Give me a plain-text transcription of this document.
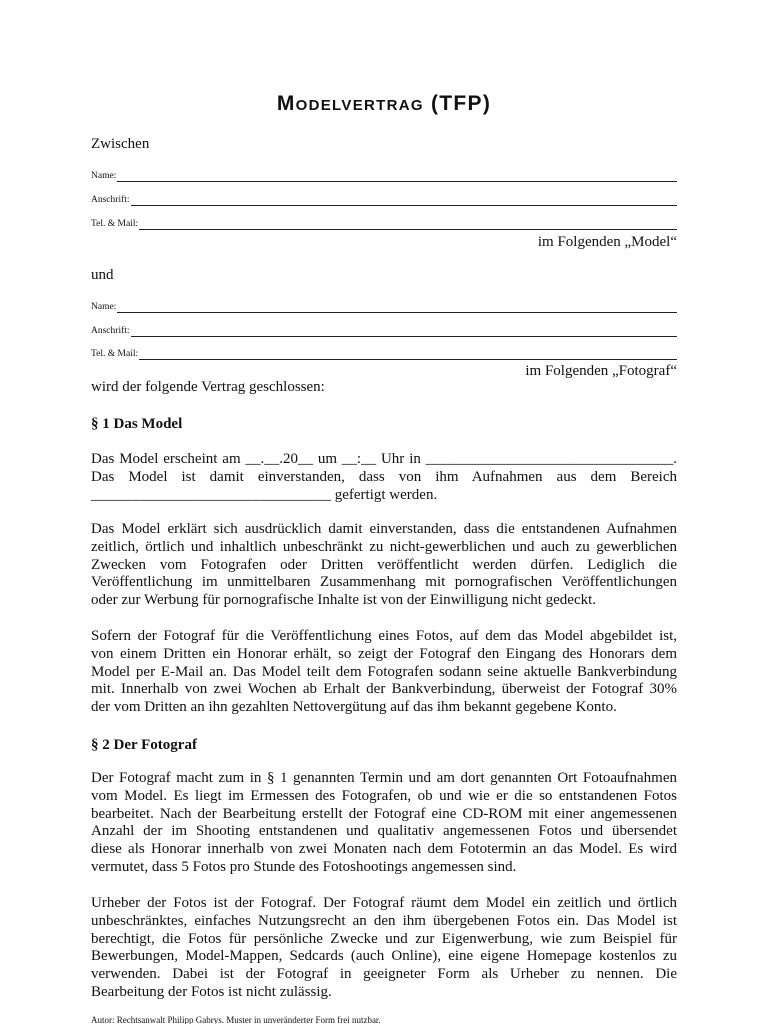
Modelvertrag (TFP)

Zwischen

Name:
Anschrift:
Tel. & Mail:

im Folgenden „Model“

und

Name:
Anschrift:
Tel. & Mail:

im Folgenden „Fotograf“

wird der folgende Vertrag geschlossen:

§ 1 Das Model

Das Model erscheint am __.__.20__ um __:__ Uhr in _________________________________.
Das Model ist damit einverstanden, dass von ihm Aufnahmen aus dem Bereich
________________________________ gefertigt werden.
Das Model erklärt sich ausdrücklich damit einverstanden, dass die entstandenen Aufnahmen
zeitlich, örtlich und inhaltlich unbeschränkt zu nicht-gewerblichen und auch zu gewerblichen
Zwecken vom Fotografen oder Dritten veröffentlicht werden dürfen. Lediglich die
Veröffentlichung im unmittelbaren Zusammenhang mit pornografischen Veröffentlichungen
oder zur Werbung für pornografische Inhalte ist von der Einwilligung nicht gedeckt.
Sofern der Fotograf für die Veröffentlichung eines Fotos, auf dem das Model abgebildet ist,
von einem Dritten ein Honorar erhält, so zeigt der Fotograf den Eingang des Honorars dem
Model per E-Mail an. Das Model teilt dem Fotografen sodann seine aktuelle Bankverbindung
mit. Innerhalb von zwei Wochen ab Erhalt der Bankverbindung, überweist der Fotograf 30%
der vom Dritten an ihn gezahlten Nettovergütung auf das ihm bekannt gegebene Konto.

§ 2 Der Fotograf

Der Fotograf macht zum in § 1 genannten Termin und am dort genannten Ort Fotoaufnahmen
vom Model. Es liegt im Ermessen des Fotografen, ob und wie er die so entstandenen Fotos
bearbeitet. Nach der Bearbeitung erstellt der Fotograf eine CD-ROM mit einer angemessenen
Anzahl der im Shooting entstandenen und qualitativ angemessenen Fotos und übersendet
diese als Honorar innerhalb von zwei Monaten nach dem Fototermin an das Model. Es wird
vermutet, dass 5 Fotos pro Stunde des Fotoshootings angemessen sind.
Urheber der Fotos ist der Fotograf. Der Fotograf räumt dem Model ein zeitlich und örtlich
unbeschränktes, einfaches Nutzungsrecht an den ihm übergebenen Fotos ein. Das Model ist
berechtigt, die Fotos für persönliche Zwecke und zur Eigenwerbung, wie zum Beispiel für
Bewerbungen, Model-Mappen, Sedcards (auch Online), eine eigene Homepage kostenlos zu
verwenden. Dabei ist der Fotograf in geeigneter Form als Urheber zu nennen. Die
Bearbeitung der Fotos ist nicht zulässig.

Autor: Rechtsanwalt Philipp Gabrys. Muster in unveränderter Form frei nutzbar.
